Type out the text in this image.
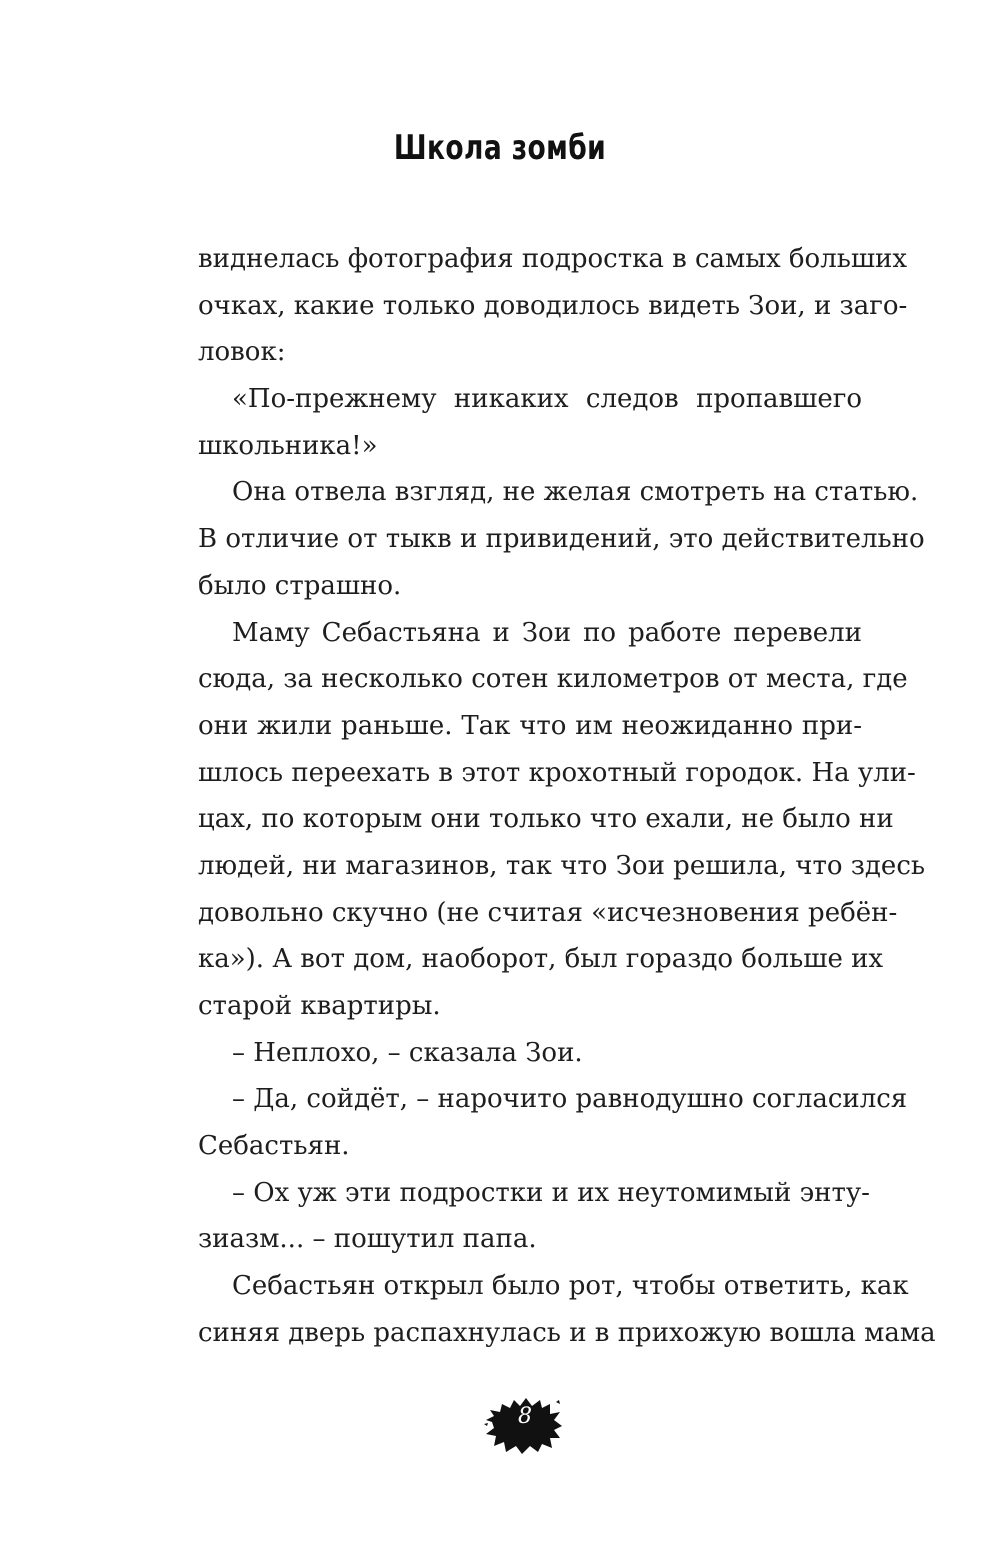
Школа зомби
виднелась фотография подростка в самых больших
очках, какие только доводилось видеть Зои, и заго-
ловок:
«По-прежнему никаких следов пропавшего
школьника!»
Она отвела взгляд, не желая смотреть на статью.
В отличие от тыкв и привидений, это действительно
было страшно.
Маму Себастьяна и Зои по работе перевели
сюда, за несколько сотен километров от места, где
они жили раньше. Так что им неожиданно при-
шлось переехать в этот крохотный городок. На ули-
цах, по которым они только что ехали, не было ни
людей, ни магазинов, так что Зои решила, что здесь
довольно скучно (не считая «исчезновения ребён-
ка»). А вот дом, наоборот, был гораздо больше их
старой квартиры.
– Неплохо, – сказала Зои.
– Да, сойдёт, – нарочито равнодушно согласился
Себастьян.
– Ох уж эти подростки и их неутомимый энту-
зиазм... – пошутил папа.
Себастьян открыл было рот, чтобы ответить, как
синяя дверь распахнулась и в прихожую вошла мама
8
